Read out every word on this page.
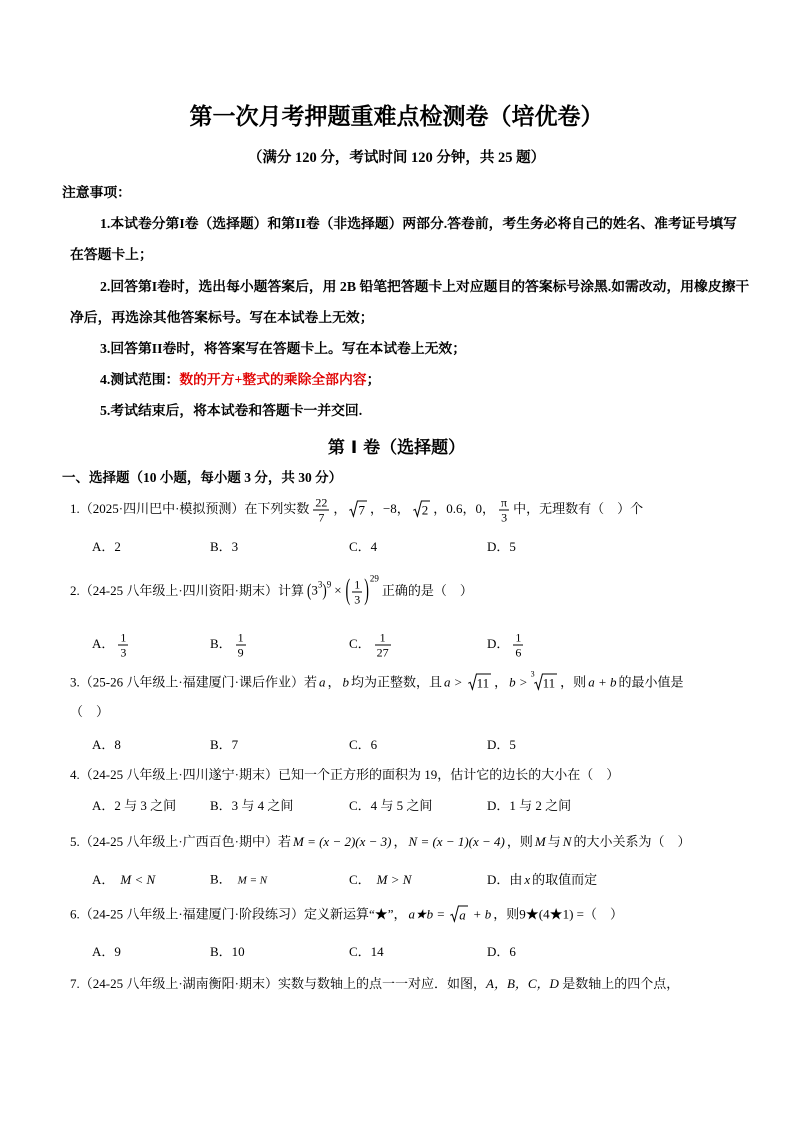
第一次月考押题重难点检测卷（培优卷）
（满分 120 分，考试时间 120 分钟，共 25 题）
注意事项：
1.本试卷分第I卷（选择题）和第II卷（非选择题）两部分.答卷前，考生务必将自己的姓名、准考证号填写
在答题卡上；
2.回答第I卷时，选出每小题答案后，用 2B 铅笔把答题卡上对应题目的答案标号涂黑.如需改动，用橡皮擦干
净后，再选涂其他答案标号。写在本试卷上无效；
3.回答第II卷时，将答案写在答题卡上。写在本试卷上无效；
4.测试范围：数的开方+整式的乘除全部内容；
5.考试结束后，将本试卷和答题卡一并交回.
第 I 卷（选择题）
一、选择题（10 小题，每小题 3 分，共 30 分）
1.（2025·四川巴中·模拟预测）在下列实数 $\frac{22}{7}$ ， 7 ，−8， 2 ，0.6，0， $\frac{\pi}{3}$ 中，无理数有（　）个
A．2	B．3	C．4	D．5
2.（24-25 八年级上·四川资阳·期末）计算 $(3^3)^9$ × ( $\frac{1}{3} )^{29}$正确的是（　）
A． $\frac{1}{3}$	B． $\frac{1}{9}$	C． $\frac{1}{27}$	D． $\frac{1}{6}$
3.（25-26 八年级上·福建厦门·课后作业）若 a ， b 均为正整数，且 a > 11 ， b >
3
11 ，则 a + b 的最小值是
（　）
A．8	B．7	C．6	D．5
4.（24-25 八年级上·四川遂宁·期末）已知一个正方形的面积为 19，估计它的边长的大小在（　）
A．2 与 3 之间	B．3 与 4 之间	C．4 与 5 之间	D．1 与 2 之间
5.（24-25 八年级上·广西百色·期中）若 M = (x − 2)(x − 3) ， N = (x − 1)(x − 4) ，则 M 与 N 的大小关系为（　）
A． M < N	B． M = N	C． M > N	D．由 x 的取值而定
6.（24-25 八年级上·福建厦门·阶段练习）定义新运算“★”， a★b = a + b ，则9★(4★1) =（　）
A．9	B．10	C．14	D．6
7.（24-25 八年级上·湖南衡阳·期末）实数与数轴上的点一一对应．如图，A，B，C，D 是数轴上的四个点，
